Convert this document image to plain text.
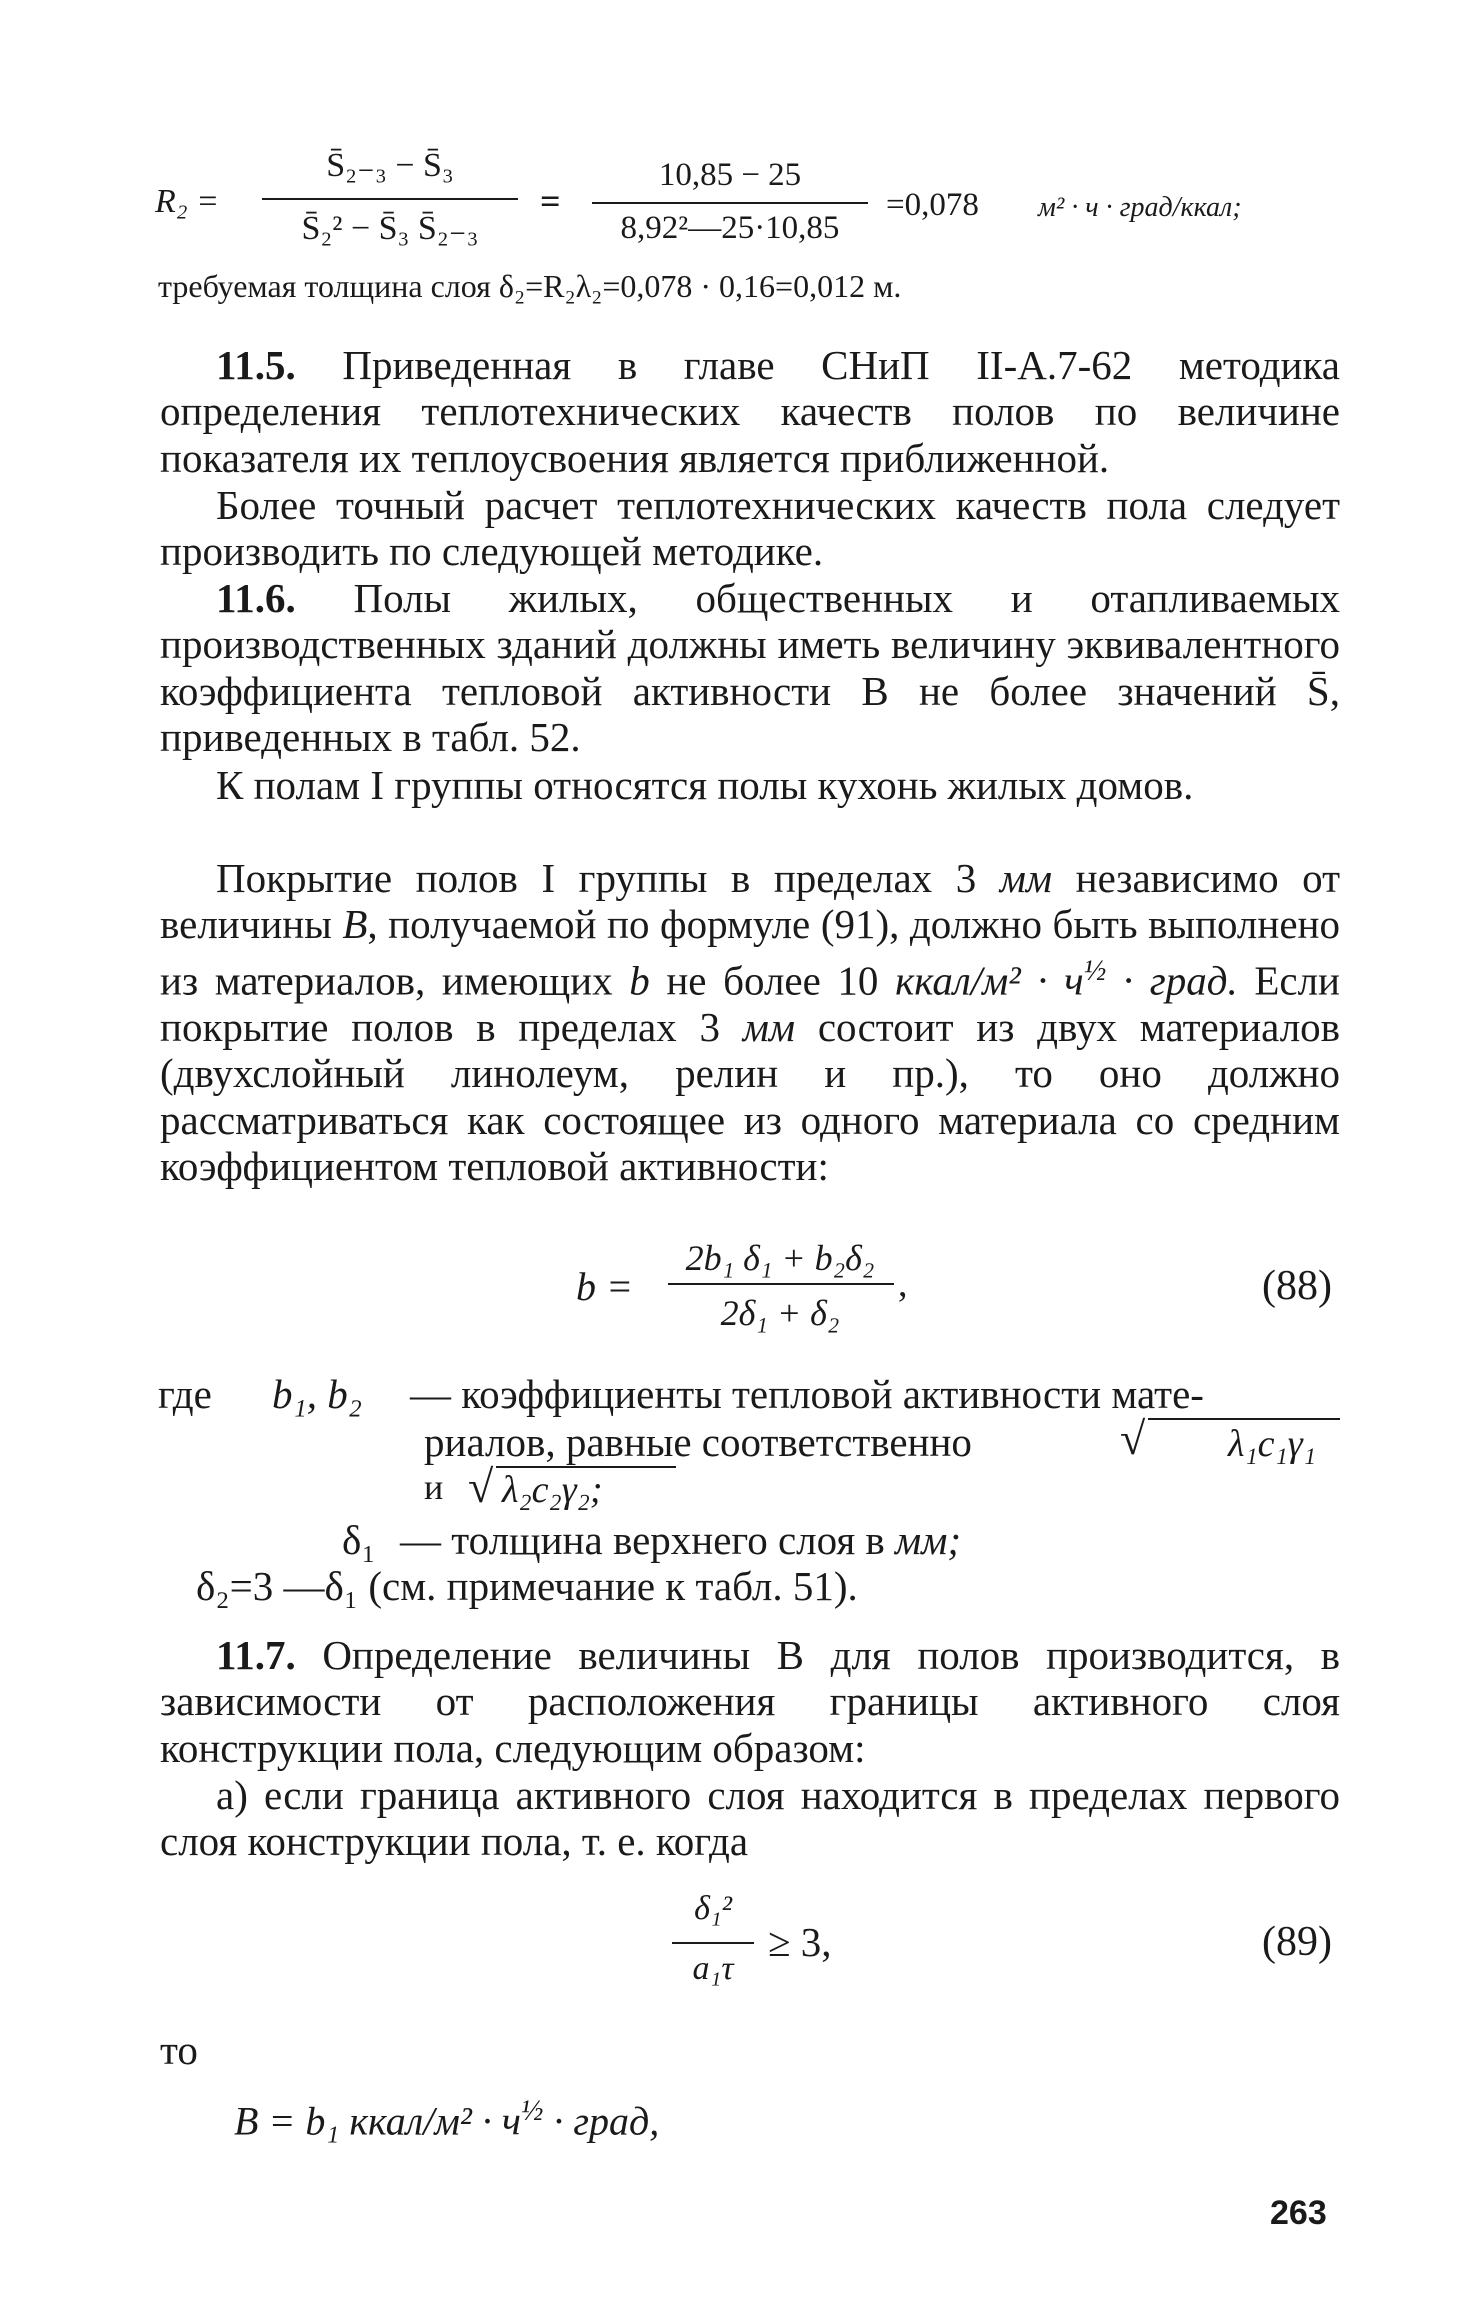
R₂ =
S̄₂₋₃ − S̄₃
S̄₂² − S̄₃ S̄₂₋₃
=
10,85 − 25
8,92²—25·10,85
=0,078 м² · ч · град/ккал;
требуемая толщина слоя δ₂=R₂λ₂=0,078 · 0,16=0,012 м.

11.5. Приведенная в главе СНиП II-А.7-62 методика определения теплотехнических качеств полов по величине показателя их теплоусвоения является приближенной.

Более точный расчет теплотехнических качеств пола следует производить по следующей методике.

11.6. Полы жилых, общественных и отапливаемых производственных зданий должны иметь величину эквивалентного коэффициента тепловой активности B не более значений S̄, приведенных в табл. 52.

К полам I группы относятся полы кухонь жилых домов.

Покрытие полов I группы в пределах 3 мм независимо от величины B, получаемой по формуле (91), должно быть выполнено из материалов, имеющих b не более 10 ккал/м² · $ч^{\frac{1}{2}}$ · град. Если покрытие полов в пределах 3 мм состоит из двух материалов (двухслойный линолеум, релин и пр.), то оно должно рассматриваться как состоящее из одного материала со средним коэффициентом тепловой активности:

b =
2b₁ δ₁ + b₂δ₂
2δ₁ + δ₂
,	(88)
где b₁, b₂ — коэффициенты тепловой активности мате-
риалов, равные соответственно	√ λ₁c₁γ₁
и √ λ₂c₂γ₂;
δ₁ — толщина верхнего слоя в мм;
δ₂=3 —δ₁ (см. примечание к табл. 51).

11.7. Определение величины B для полов производится, в зависимости от расположения границы активного слоя конструкции пола, следующим образом:

а) если граница активного слоя находится в пределах первого слоя конструкции пола, т. е. когда

δ₁²
a₁τ
≥ 3,	(89)
то
B = b₁ ккал/м² · $ч^{\frac{1}{2}}$ · град,
263
